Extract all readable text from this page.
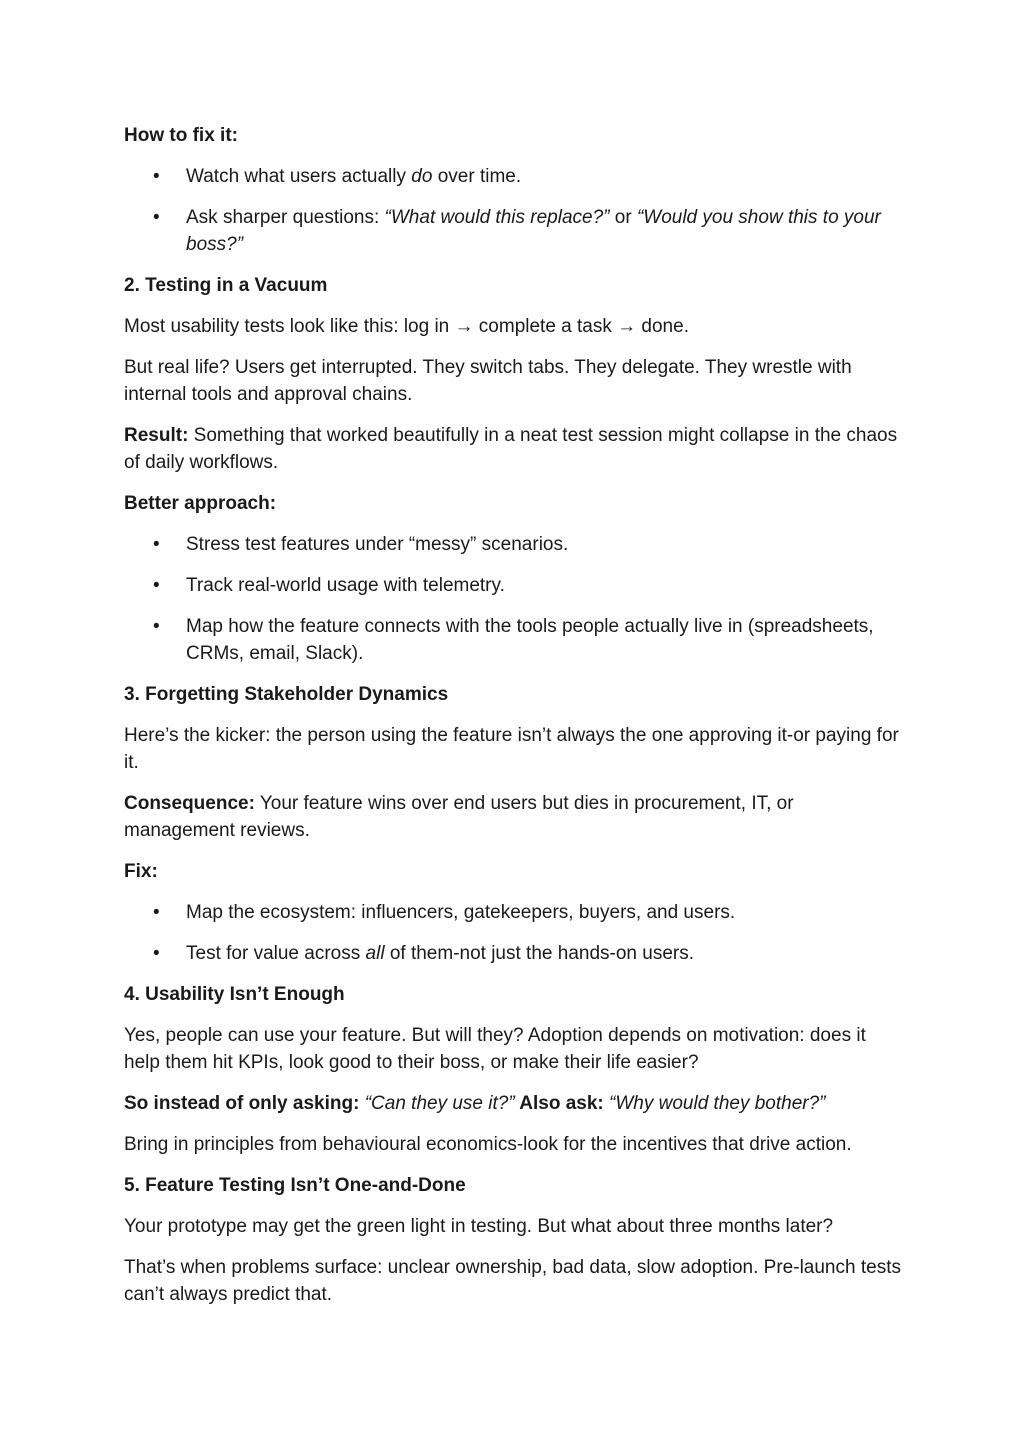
How to fix it:

• Watch what users actually do over time.
• Ask sharper questions: “What would this replace?” or “Would you show this to your boss?”

2. Testing in a Vacuum

Most usability tests look like this: log in → complete a task → done.

But real life? Users get interrupted. They switch tabs. They delegate. They wrestle with internal tools and approval chains.

Result: Something that worked beautifully in a neat test session might collapse in the chaos of daily workflows.

Better approach:

• Stress test features under “messy” scenarios.
• Track real-world usage with telemetry.
• Map how the feature connects with the tools people actually live in (spreadsheets, CRMs, email, Slack).

3. Forgetting Stakeholder Dynamics

Here’s the kicker: the person using the feature isn’t always the one approving it-or paying for it.

Consequence: Your feature wins over end users but dies in procurement, IT, or management reviews.

Fix:

• Map the ecosystem: influencers, gatekeepers, buyers, and users.
• Test for value across all of them-not just the hands-on users.

4. Usability Isn’t Enough

Yes, people can use your feature. But will they? Adoption depends on motivation: does it help them hit KPIs, look good to their boss, or make their life easier?

So instead of only asking: “Can they use it?” Also ask: “Why would they bother?”

Bring in principles from behavioural economics-look for the incentives that drive action.

5. Feature Testing Isn’t One-and-Done

Your prototype may get the green light in testing. But what about three months later?

That’s when problems surface: unclear ownership, bad data, slow adoption. Pre-launch tests can’t always predict that.
